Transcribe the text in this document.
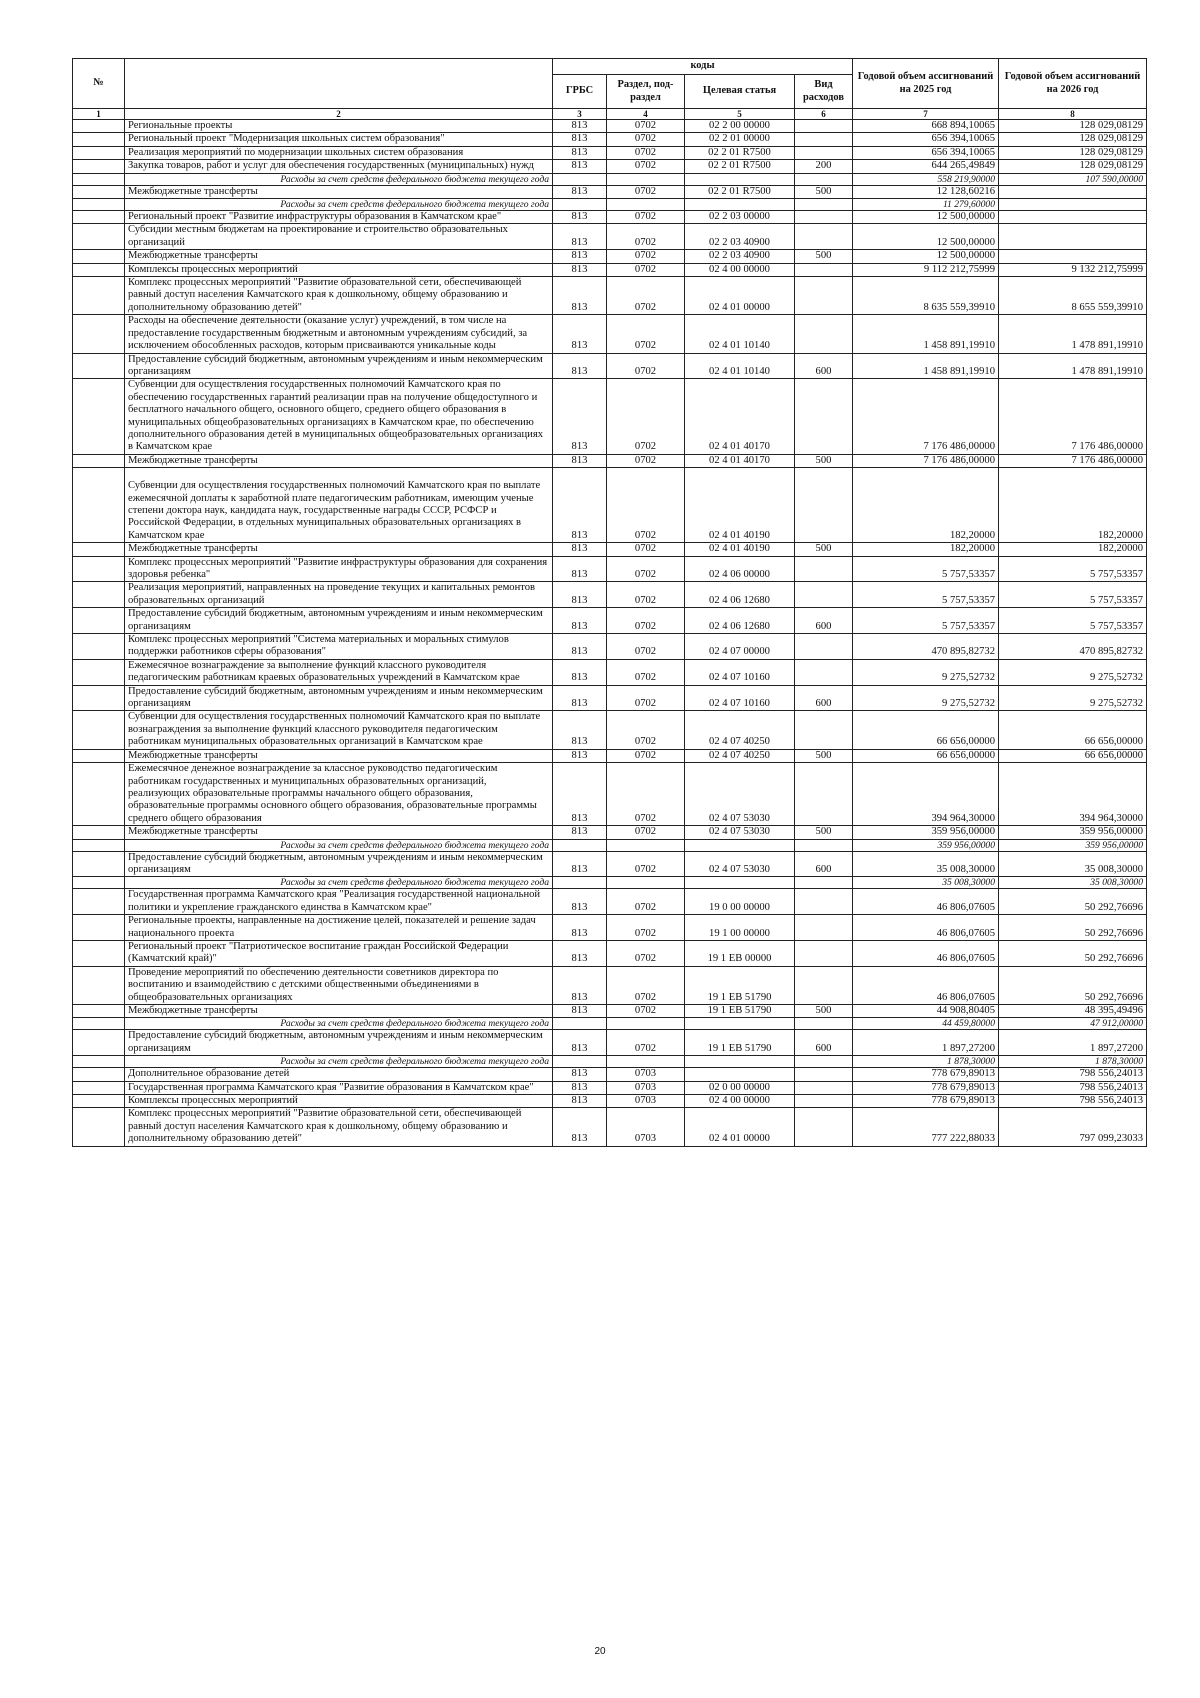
№		коды				Годовой объем ассигнований на 2025 год	Годовой объем ассигнований на 2026 год
		ГРБС	Раздел, под-раздел	Целевая статья	Вид расходов		
1	2	3	4	5	6	7	8
	Региональные проекты	813	0702	02 2 00 00000		668 894,10065	128 029,08129
	Региональный проект "Модернизация школьных систем образования"	813	0702	02 2 01 00000		656 394,10065	128 029,08129
	Реализация мероприятий по модернизации школьных систем образования	813	0702	02 2 01 R7500		656 394,10065	128 029,08129
	Закупка товаров, работ и услуг для обеспечения государственных (муниципальных) нужд	813	0702	02 2 01 R7500	200	644 265,49849	128 029,08129
	Расходы за счет средств федерального бюджета текущего года					558 219,90000	107 590,00000
	Межбюджетные трансферты	813	0702	02 2 01 R7500	500	12 128,60216	
	Расходы за счет средств федерального бюджета текущего года					11 279,60000	
	Региональный проект "Развитие инфраструктуры образования в Камчатском крае"	813	0702	02 2 03 00000		12 500,00000	
	Субсидии местным бюджетам на проектирование и строительство образовательных организаций	813	0702	02 2 03 40900		12 500,00000	
	Межбюджетные трансферты	813	0702	02 2 03 40900	500	12 500,00000	
	Комплексы процессных мероприятий	813	0702	02 4 00 00000		9 112 212,75999	9 132 212,75999
	Комплекс процессных мероприятий "Развитие образовательной сети, обеспечивающей равный доступ населения Камчатского края к дошкольному, общему образованию и дополнительному образованию детей"	813	0702	02 4 01 00000		8 635 559,39910	8 655 559,39910
	Расходы на обеспечение деятельности (оказание услуг) учреждений, в том числе на предоставление государственным бюджетным и автономным учреждениям субсидий, за исключением обособленных расходов, которым присваиваются уникальные коды	813	0702	02 4 01 10140		1 458 891,19910	1 478 891,19910
	Предоставление субсидий бюджетным, автономным учреждениям и иным некоммерческим организациям	813	0702	02 4 01 10140	600	1 458 891,19910	1 478 891,19910
	Субвенции для осуществления государственных полномочий Камчатского края по обеспечению государственных гарантий реализации прав на получение общедоступного и бесплатного начального общего, основного общего, среднего общего образования в муниципальных общеобразовательных организациях в Камчатском крае, по обеспечению дополнительного образования детей в муниципальных общеобразовательных организациях в Камчатском крае	813	0702	02 4 01 40170		7 176 486,00000	7 176 486,00000
	Межбюджетные трансферты	813	0702	02 4 01 40170	500	7 176 486,00000	7 176 486,00000
	Субвенции для осуществления государственных полномочий Камчатского края по выплате ежемесячной доплаты к заработной плате педагогическим работникам, имеющим ученые степени доктора наук, кандидата наук, государственные награды СССР, РСФСР и Российской Федерации, в отдельных муниципальных образовательных организациях в Камчатском крае	813	0702	02 4 01 40190		182,20000	182,20000
	Межбюджетные трансферты	813	0702	02 4 01 40190	500	182,20000	182,20000
	Комплекс процессных мероприятий "Развитие инфраструктуры образования для сохранения здоровья ребенка"	813	0702	02 4 06 00000		5 757,53357	5 757,53357
	Реализация мероприятий, направленных на проведение текущих и капитальных ремонтов образовательных организаций	813	0702	02 4 06 12680		5 757,53357	5 757,53357
	Предоставление субсидий бюджетным, автономным учреждениям и иным некоммерческим организациям	813	0702	02 4 06 12680	600	5 757,53357	5 757,53357
	Комплекс процессных мероприятий "Система материальных и моральных стимулов поддержки работников сферы образования"	813	0702	02 4 07 00000		470 895,82732	470 895,82732
	Ежемесячное вознаграждение за выполнение функций классного руководителя педагогическим работникам краевых образовательных учреждений в Камчатском крае	813	0702	02 4 07 10160		9 275,52732	9 275,52732
	Предоставление субсидий бюджетным, автономным учреждениям и иным некоммерческим организациям	813	0702	02 4 07 10160	600	9 275,52732	9 275,52732
	Субвенции для осуществления государственных полномочий Камчатского края по выплате вознаграждения за выполнение функций классного руководителя педагогическим работникам муниципальных образовательных организаций в Камчатском крае	813	0702	02 4 07 40250		66 656,00000	66 656,00000
	Межбюджетные трансферты	813	0702	02 4 07 40250	500	66 656,00000	66 656,00000
	Ежемесячное денежное вознаграждение за классное руководство педагогическим работникам государственных и муниципальных образовательных организаций, реализующих образовательные программы начального общего образования, образовательные программы основного общего образования, образовательные программы среднего общего образования	813	0702	02 4 07 53030		394 964,30000	394 964,30000
	Межбюджетные трансферты	813	0702	02 4 07 53030	500	359 956,00000	359 956,00000
	Расходы за счет средств федерального бюджета текущего года					359 956,00000	359 956,00000
	Предоставление субсидий бюджетным, автономным учреждениям и иным некоммерческим организациям	813	0702	02 4 07 53030	600	35 008,30000	35 008,30000
	Расходы за счет средств федерального бюджета текущего года					35 008,30000	35 008,30000
	Государственная программа Камчатского края "Реализация государственной национальной политики и укрепление гражданского единства в Камчатском крае"	813	0702	19 0 00 00000		46 806,07605	50 292,76696
	Региональные проекты, направленные на достижение целей, показателей и решение задач национального проекта	813	0702	19 1 00 00000		46 806,07605	50 292,76696
	Региональный проект "Патриотическое воспитание граждан Российской Федерации (Камчатский край)"	813	0702	19 1 ЕВ 00000		46 806,07605	50 292,76696
	Проведение мероприятий по обеспечению деятельности советников директора по воспитанию и взаимодействию с детскими общественными объединениями в общеобразовательных организациях	813	0702	19 1 ЕВ 51790		46 806,07605	50 292,76696
	Межбюджетные трансферты	813	0702	19 1 ЕВ 51790	500	44 908,80405	48 395,49496
	Расходы за счет средств федерального бюджета текущего года					44 459,80000	47 912,00000
	Предоставление субсидий бюджетным, автономным учреждениям и иным некоммерческим организациям	813	0702	19 1 ЕВ 51790	600	1 897,27200	1 897,27200
	Расходы за счет средств федерального бюджета текущего года					1 878,30000	1 878,30000
	Дополнительное образование детей	813	0703			778 679,89013	798 556,24013
	Государственная программа Камчатского края "Развитие образования в Камчатском крае"	813	0703	02 0 00 00000		778 679,89013	798 556,24013
	Комплексы процессных мероприятий	813	0703	02 4 00 00000		778 679,89013	798 556,24013
	Комплекс процессных мероприятий "Развитие образовательной сети, обеспечивающей равный доступ населения Камчатского края к дошкольному, общему образованию и дополнительному образованию детей"	813	0703	02 4 01 00000		777 222,88033	797 099,23033
20
